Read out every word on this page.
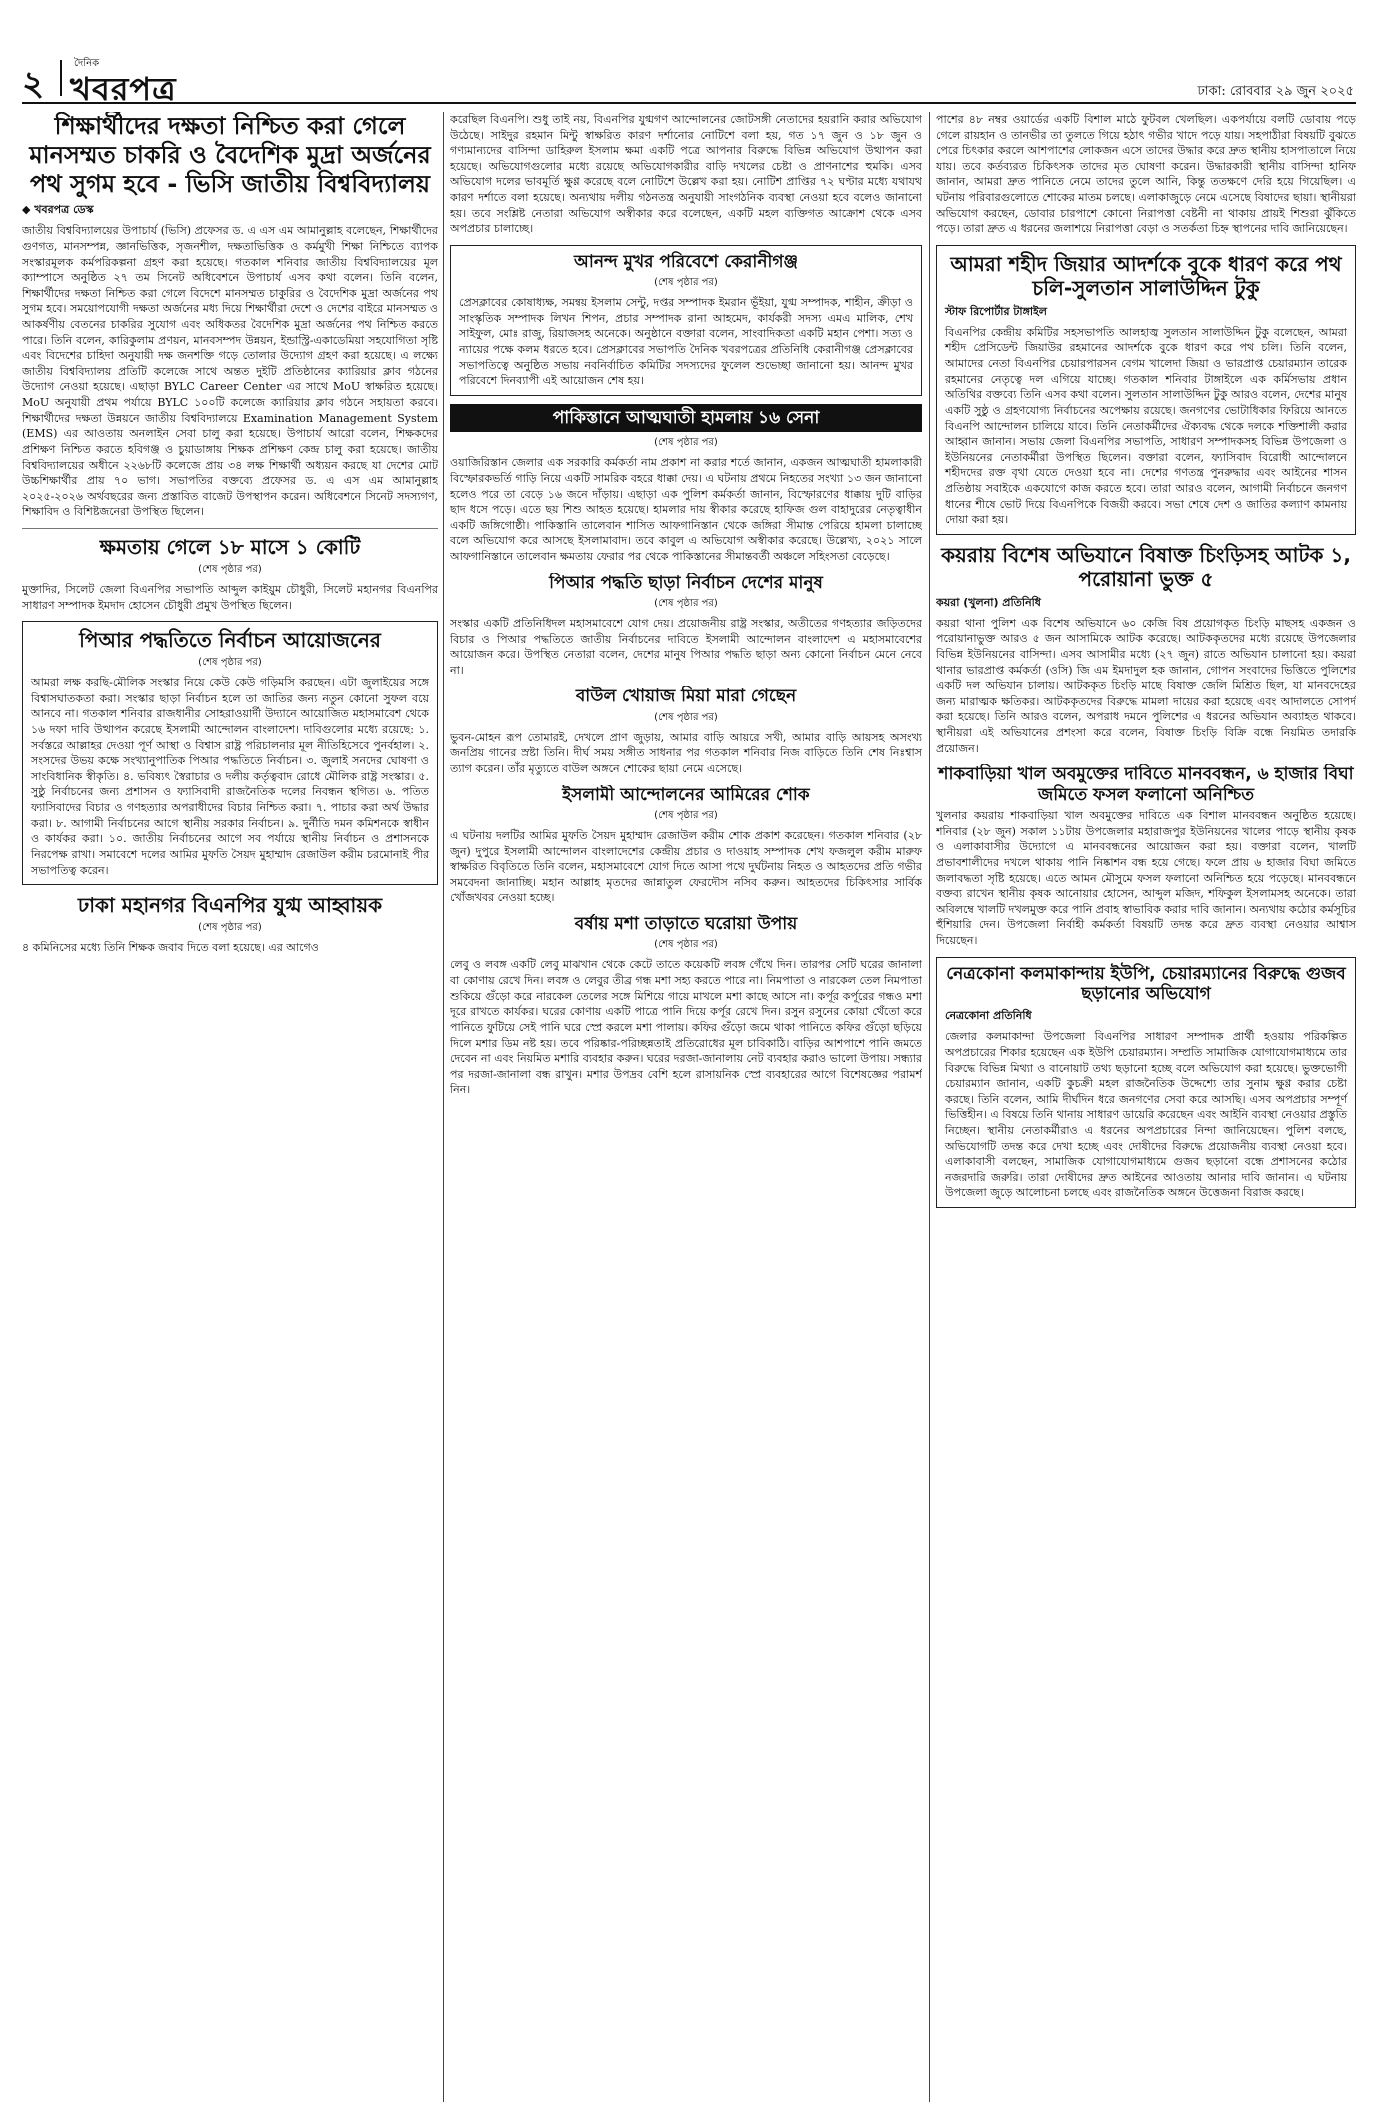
২
দৈনিক
খবরপত্র	ঢাকা: রোববার ২৯ জুন ২০২৫
শিক্ষার্থীদের দক্ষতা নিশ্চিত করা গেলে মানসম্মত চাকরি ও বৈদেশিক মুদ্রা অর্জনের পথ সুগম হবে - ভিসি জাতীয় বিশ্ববিদ্যালয়
◆ খবরপত্র ডেস্ক
জাতীয় বিশ্ববিদ্যালয়ের উপাচার্য (ভিসি) প্রফেসর ড. এ এস এম আমানুল্লাহ বলেছেন, শিক্ষার্থীদের গুণগত, মানসম্পন্ন, জ্ঞানভিত্তিক, সৃজনশীল, দক্ষতাভিত্তিক ও কর্মমুখী শিক্ষা নিশ্চিতে ব্যাপক সংস্কারমূলক কর্মপরিকল্পনা গ্রহণ করা হয়েছে। গতকাল শনিবার জাতীয় বিশ্ববিদ্যালয়ের মূল ক্যাম্পাসে অনুষ্ঠিত ২৭ তম সিনেট অধিবেশনে উপাচার্য এসব কথা বলেন। তিনি বলেন, শিক্ষার্থীদের দক্ষতা নিশ্চিত করা গেলে বিদেশে মানসম্মত চাকুরির ও বৈদেশিক মুদ্রা অর্জনের পথ সুগম হবে। সময়োপযোগী দক্ষতা অর্জনের মধ্য দিয়ে শিক্ষার্থীরা দেশে ও দেশের বাইরে মানসম্মত ও আকর্ষণীয় বেতনের চাকরির সুযোগ এবং অধিকতর বৈদেশিক মুদ্রা অর্জনের পথ নিশ্চিত করতে পারে। তিনি বলেন, কারিকুলাম প্রণয়ন, মানবসম্পদ উন্নয়ন, ইন্ডাস্ট্রি-একাডেমিয়া সহযোগিতা সৃষ্টি এবং বিদেশের চাহিদা অনুযায়ী দক্ষ জনশক্তি গড়ে তোলার উদ্যোগ গ্রহণ করা হয়েছে। এ লক্ষ্যে জাতীয় বিশ্ববিদ্যালয় প্রতিটি কলেজে সাথে অন্তত দুইটি প্রতিষ্ঠানের ক্যারিয়ার ক্লাব গঠনের উদ্যোগ নেওয়া হয়েছে। এছাড়া BYLC Career Center এর সাথে MoU স্বাক্ষরিত হয়েছে। MoU অনুযায়ী প্রথম পর্যায়ে BYLC ১০০টি কলেজে ক্যারিয়ার ক্লাব গঠনে সহায়তা করবে। শিক্ষার্থীদের দক্ষতা উন্নয়নে জাতীয় বিশ্ববিদ্যালয়ে Examination Management System (EMS) এর আওতায় অনলাইন সেবা চালু করা হয়েছে। উপাচার্য আরো বলেন, শিক্ষকদের প্রশিক্ষণ নিশ্চিত করতে হবিগঞ্জ ও চুয়াডাঙ্গায় শিক্ষক প্রশিক্ষণ কেন্দ্র চালু করা হয়েছে। জাতীয় বিশ্ববিদ্যালয়ের অধীনে ২২৬৮টি কলেজে প্রায় ৩৪ লক্ষ শিক্ষার্থী অধ্যয়ন করছে যা দেশের মোট উচ্চশিক্ষার্থীর প্রায় ৭০ ভাগ। সভাপতির বক্তব্যে প্রফেসর ড. এ এস এম আমানুল্লাহ ২০২৫-২০২৬ অর্থবছরের জন্য প্রস্তাবিত বাজেট উপস্থাপন করেন। অধিবেশনে সিনেট সদস্যগণ, শিক্ষাবিদ ও বিশিষ্টজনেরা উপস্থিত ছিলেন।
ক্ষমতায় গেলে ১৮ মাসে ১ কোটি
(শেষ পৃষ্ঠার পর)
মুক্তাদির, সিলেট জেলা বিএনপির সভাপতি আব্দুল কাইয়ুম চৌধুরী, সিলেট মহানগর বিএনপির সাধারণ সম্পাদক ইমদাদ হোসেন চৌধুরী প্রমুখ উপস্থিত ছিলেন।
পিআর পদ্ধতিতে নির্বাচন আয়োজনের
(শেষ পৃষ্ঠার পর)
আমরা লক্ষ করছি-মৌলিক সংস্কার নিয়ে কেউ কেউ গড়িমসি করছেন। এটা জুলাইয়ের সঙ্গে বিশ্বাসঘাতকতা করা। সংস্কার ছাড়া নির্বাচন হলে তা জাতির জন্য নতুন কোনো সুফল বয়ে আনবে না। গতকাল শনিবার রাজধানীর সোহরাওয়ার্দী উদ্যানে আয়োজিত মহাসমাবেশ থেকে ১৬ দফা দাবি উত্থাপন করেছে ইসলামী আন্দোলন বাংলাদেশ। দাবিগুলোর মধ্যে রয়েছে: ১. সর্বস্তরে আল্লাহর দেওয়া পূর্ণ আস্থা ও বিশ্বাস রাষ্ট্র পরিচালনার মূল নীতিহিসেবে পুনর্বহাল। ২. সংসদের উভয় কক্ষে সংখ্যানুপাতিক পিআর পদ্ধতিতে নির্বাচন। ৩. জুলাই সনদের ঘোষণা ও সাংবিধানিক স্বীকৃতি। ৪. ভবিষ্যৎ স্বৈরাচার ও দলীয় কর্তৃত্ববাদ রোধে মৌলিক রাষ্ট্র সংস্কার। ৫. সুষ্ঠু নির্বাচনের জন্য প্রশাসন ও ফ্যাসিবাদী রাজনৈতিক দলের নিবন্ধন স্থগিত। ৬. পতিত ফ্যাসিবাদের বিচার ও গণহত্যার অপরাধীদের বিচার নিশ্চিত করা। ৭. পাচার করা অর্থ উদ্ধার করা। ৮. আগামী নির্বাচনের আগে স্থানীয় সরকার নির্বাচন। ৯. দুর্নীতি দমন কমিশনকে স্বাধীন ও কার্যকর করা। ১০. জাতীয় নির্বাচনের আগে সব পর্যায়ে স্থানীয় নির্বাচন ও প্রশাসনকে নিরপেক্ষ রাখা। সমাবেশে দলের আমির মুফতি সৈয়দ মুহাম্মাদ রেজাউল করীম চরমোনাই পীর সভাপতিত্ব করেন।
ঢাকা মহানগর বিএনপির যুগ্ম আহ্বায়ক
(শেষ পৃষ্ঠার পর)
৪ কমিনিসের মধ্যে তিনি শিক্ষক জবাব দিতে বলা হয়েছে। এর আগেও
করেছিল বিএনপি। শুধু তাই নয়, বিএনপির যুগ্মগণ আন্দোলনের জোটসঙ্গী নেতাদের হয়রানি করার অভিযোগ উঠেছে। সাইদুর রহমান মিন্টু স্বাক্ষরিত কারণ দর্শানোর নোটিশে বলা হয়, গত ১৭ জুন ও ১৮ জুন ও গণ্যমান্যদের বাসিন্দা ডাহিরুল ইসলাম ক্ষমা একটি পত্রে আপনার বিরুদ্ধে বিভিন্ন অভিযোগ উত্থাপন করা হয়েছে। অভিযোগগুলোর মধ্যে রয়েছে অভিযোগকারীর বাড়ি দখলের চেষ্টা ও প্রাণনাশের হুমকি। এসব অভিযোগ দলের ভাবমূর্তি ক্ষুণ্ণ করেছে বলে নোটিশে উল্লেখ করা হয়। নোটিশ প্রাপ্তির ৭২ ঘণ্টার মধ্যে যথাযথ কারণ দর্শাতে বলা হয়েছে। অন্যথায় দলীয় গঠনতন্ত্র অনুযায়ী সাংগঠনিক ব্যবস্থা নেওয়া হবে বলেও জানানো হয়। তবে সংশ্লিষ্ট নেতারা অভিযোগ অস্বীকার করে বলেছেন, একটি মহল ব্যক্তিগত আক্রোশ থেকে এসব অপপ্রচার চালাচ্ছে।
আনন্দ মুখর পরিবেশে কেরানীগঞ্জ
(শেষ পৃষ্ঠার পর)
প্রেসক্লাবের কোষাধ্যক্ষ, সমন্বয় ইসলাম সেন্টু, দপ্তর সম্পাদক ইমরান ভূঁইয়া, যুগ্ম সম্পাদক, শাহীন, ক্রীড়া ও সাংস্কৃতিক সম্পাদক লিখন শিপন, প্রচার সম্পাদক রানা আহমেদ, কার্যকরী সদস্য এমএ মালিক, শেখ সাইফুল, মোঃ রাজু, রিয়াজসহ অনেকে। অনুষ্ঠানে বক্তারা বলেন, সাংবাদিকতা একটি মহান পেশা। সত্য ও ন্যায়ের পক্ষে কলম ধরতে হবে। প্রেসক্লাবের সভাপতি দৈনিক খবরপত্রের প্রতিনিধি কেরানীগঞ্জ প্রেসক্লাবের সভাপতিত্বে অনুষ্ঠিত সভায় নবনির্বাচিত কমিটির সদস্যদের ফুলেল শুভেচ্ছা জানানো হয়। আনন্দ মুখর পরিবেশে দিনব্যাপী এই আয়োজন শেষ হয়।
পাকিস্তানে আত্মঘাতী হামলায় ১৬ সেনা
(শেষ পৃষ্ঠার পর)
ওয়াজিরিস্তান জেলার এক সরকারি কর্মকর্তা নাম প্রকাশ না করার শর্তে জানান, একজন আত্মঘাতী হামলাকারী বিস্ফোরকভর্তি গাড়ি নিয়ে একটি সামরিক বহরে ধাক্কা দেয়। এ ঘটনায় প্রথমে নিহতের সংখ্যা ১৩ জন জানানো হলেও পরে তা বেড়ে ১৬ জনে দাঁড়ায়। এছাড়া এক পুলিশ কর্মকর্তা জানান, বিস্ফোরণের ধাক্কায় দুটি বাড়ির ছাদ ধসে পড়ে। এতে ছয় শিশু আহত হয়েছে। হামলার দায় স্বীকার করেছে হাফিজ গুল বাহাদুরের নেতৃত্বাধীন একটি জঙ্গিগোষ্ঠী। পাকিস্তানি তালেবান শাসিত আফগানিস্তান থেকে জঙ্গিরা সীমান্ত পেরিয়ে হামলা চালাচ্ছে বলে অভিযোগ করে আসছে ইসলামাবাদ। তবে কাবুল এ অভিযোগ অস্বীকার করেছে। উল্লেখ্য, ২০২১ সালে আফগানিস্তানে তালেবান ক্ষমতায় ফেরার পর থেকে পাকিস্তানের সীমান্তবর্তী অঞ্চলে সহিংসতা বেড়েছে।
পিআর পদ্ধতি ছাড়া নির্বাচন দেশের মানুষ
(শেষ পৃষ্ঠার পর)
সংস্কার একটি প্রতিনিধিদল মহাসমাবেশে যোগ দেয়। প্রয়োজনীয় রাষ্ট্র সংস্কার, অতীতের গণহত্যার জড়িতদের বিচার ও পিআর পদ্ধতিতে জাতীয় নির্বাচনের দাবিতে ইসলামী আন্দোলন বাংলাদেশ এ মহাসমাবেশের আয়োজন করে। উপস্থিত নেতারা বলেন, দেশের মানুষ পিআর পদ্ধতি ছাড়া অন্য কোনো নির্বাচন মেনে নেবে না।
বাউল খোয়াজ মিয়া মারা গেছেন
(শেষ পৃষ্ঠার পর)
ভুবন-মোহন রূপ তোমারই, দেখলে প্রাণ জুড়ায়, আমার বাড়ি আয়রে সখী, আমার বাড়ি আয়সহ অসংখ্য জনপ্রিয় গানের স্রষ্টা তিনি। দীর্ঘ সময় সঙ্গীত সাধনার পর গতকাল শনিবার নিজ বাড়িতে তিনি শেষ নিঃশ্বাস ত্যাগ করেন। তাঁর মৃত্যুতে বাউল অঙ্গনে শোকের ছায়া নেমে এসেছে।
ইসলামী আন্দোলনের আমিরের শোক
(শেষ পৃষ্ঠার পর)
এ ঘটনায় দলটির আমির মুফতি সৈয়দ মুহাম্মাদ রেজাউল করীম শোক প্রকাশ করেছেন। গতকাল শনিবার (২৮ জুন) দুপুরে ইসলামী আন্দোলন বাংলাদেশের কেন্দ্রীয় প্রচার ও দাওয়াহ সম্পাদক শেখ ফজলুল করীম মারুফ স্বাক্ষরিত বিবৃতিতে তিনি বলেন, মহাসমাবেশে যোগ দিতে আসা পথে দুর্ঘটনায় নিহত ও আহতদের প্রতি গভীর সমবেদনা জানাচ্ছি। মহান আল্লাহ মৃতদের জান্নাতুল ফেরদৌস নসিব করুন। আহতদের চিকিৎসার সার্বিক খোঁজখবর নেওয়া হচ্ছে।
বর্ষায় মশা তাড়াতে ঘরোয়া উপায়
(শেষ পৃষ্ঠার পর)
লেবু ও লবঙ্গ একটি লেবু মাঝখান থেকে কেটে তাতে কয়েকটি লবঙ্গ গেঁথে দিন। তারপর সেটি ঘরের জানালা বা কোণায় রেখে দিন। লবঙ্গ ও লেবুর তীব্র গন্ধ মশা সহ্য করতে পারে না। নিমপাতা ও নারকেল তেল নিমপাতা শুকিয়ে গুঁড়ো করে নারকেল তেলের সঙ্গে মিশিয়ে গায়ে মাখলে মশা কাছে আসে না। কর্পূর কর্পূরের গন্ধও মশা দূরে রাখতে কার্যকর। ঘরের কোণায় একটি পাত্রে পানি দিয়ে কর্পূর রেখে দিন। রসুন রসুনের কোয়া থেঁতো করে পানিতে ফুটিয়ে সেই পানি ঘরে স্প্রে করলে মশা পালায়। কফির গুঁড়ো জমে থাকা পানিতে কফির গুঁড়ো ছড়িয়ে দিলে মশার ডিম নষ্ট হয়। তবে পরিষ্কার-পরিচ্ছন্নতাই প্রতিরোধের মূল চাবিকাঠি। বাড়ির আশপাশে পানি জমতে দেবেন না এবং নিয়মিত মশারি ব্যবহার করুন। ঘরের দরজা-জানালায় নেট ব্যবহার করাও ভালো উপায়। সন্ধ্যার পর দরজা-জানালা বন্ধ রাখুন। মশার উপদ্রব বেশি হলে রাসায়নিক স্প্রে ব্যবহারের আগে বিশেষজ্ঞের পরামর্শ নিন।
পাশের ৪৮ নম্বর ওয়ার্ডের একটি বিশাল মাঠে ফুটবল খেলছিল। একপর্যায়ে বলটি ডোবায় পড়ে গেলে রায়হান ও তানভীর তা তুলতে গিয়ে হঠাৎ গভীর খাদে পড়ে যায়। সহপাঠীরা বিষয়টি বুঝতে পেরে চিৎকার করলে আশপাশের লোকজন এসে তাদের উদ্ধার করে দ্রুত স্থানীয় হাসপাতালে নিয়ে যায়। তবে কর্তব্যরত চিকিৎসক তাদের মৃত ঘোষণা করেন। উদ্ধারকারী স্থানীয় বাসিন্দা হানিফ জানান, আমরা দ্রুত পানিতে নেমে তাদের তুলে আনি, কিন্তু ততক্ষণে দেরি হয়ে গিয়েছিল। এ ঘটনায় পরিবারগুলোতে শোকের মাতম চলছে। এলাকাজুড়ে নেমে এসেছে বিষাদের ছায়া। স্থানীয়রা অভিযোগ করছেন, ডোবার চারপাশে কোনো নিরাপত্তা বেষ্টনী না থাকায় প্রায়ই শিশুরা ঝুঁকিতে পড়ে। তারা দ্রুত এ ধরনের জলাশয়ে নিরাপত্তা বেড়া ও সতর্কতা চিহ্ন স্থাপনের দাবি জানিয়েছেন।
আমরা শহীদ জিয়ার আদর্শকে বুকে ধারণ করে পথ চলি-সুলতান সালাউদ্দিন টুকু
স্টাফ রিপোর্টার টাঙ্গাইল
বিএনপির কেন্দ্রীয় কমিটির সহসভাপতি আলহাজ্ব সুলতান সালাউদ্দিন টুকু বলেছেন, আমরা শহীদ প্রেসিডেন্ট জিয়াউর রহমানের আদর্শকে বুকে ধারণ করে পথ চলি। তিনি বলেন, আমাদের নেতা বিএনপির চেয়ারপারসন বেগম খালেদা জিয়া ও ভারপ্রাপ্ত চেয়ারম্যান তারেক রহমানের নেতৃত্বে দল এগিয়ে যাচ্ছে। গতকাল শনিবার টাঙ্গাইলে এক কর্মিসভায় প্রধান অতিথির বক্তব্যে তিনি এসব কথা বলেন। সুলতান সালাউদ্দিন টুকু আরও বলেন, দেশের মানুষ একটি সুষ্ঠু ও গ্রহণযোগ্য নির্বাচনের অপেক্ষায় রয়েছে। জনগণের ভোটাধিকার ফিরিয়ে আনতে বিএনপি আন্দোলন চালিয়ে যাবে। তিনি নেতাকর্মীদের ঐক্যবদ্ধ থেকে দলকে শক্তিশালী করার আহ্বান জানান। সভায় জেলা বিএনপির সভাপতি, সাধারণ সম্পাদকসহ বিভিন্ন উপজেলা ও ইউনিয়নের নেতাকর্মীরা উপস্থিত ছিলেন। বক্তারা বলেন, ফ্যাসিবাদ বিরোধী আন্দোলনে শহীদদের রক্ত বৃথা যেতে দেওয়া হবে না। দেশের গণতন্ত্র পুনরুদ্ধার এবং আইনের শাসন প্রতিষ্ঠায় সবাইকে একযোগে কাজ করতে হবে। তারা আরও বলেন, আগামী নির্বাচনে জনগণ ধানের শীষে ভোট দিয়ে বিএনপিকে বিজয়ী করবে। সভা শেষে দেশ ও জাতির কল্যাণ কামনায় দোয়া করা হয়।
কয়রায় বিশেষ অভিযানে বিষাক্ত চিংড়িসহ আটক ১, পরোয়ানা ভুক্ত ৫
কয়রা (খুলনা) প্রতিনিধি
কয়রা থানা পুলিশ এক বিশেষ অভিযানে ৬০ কেজি বিষ প্রয়োগকৃত চিংড়ি মাছসহ একজন ও পরোয়ানাভুক্ত আরও ৫ জন আসামিকে আটক করেছে। আটককৃতদের মধ্যে রয়েছে উপজেলার বিভিন্ন ইউনিয়নের বাসিন্দা। এসব আসামীর মধ্যে (২৭ জুন) রাতে অভিযান চালানো হয়। কয়রা থানার ভারপ্রাপ্ত কর্মকর্তা (ওসি) জি এম ইমদাদুল হক জানান, গোপন সংবাদের ভিত্তিতে পুলিশের একটি দল অভিযান চালায়। আটককৃত চিংড়ি মাছে বিষাক্ত জেলি মিশ্রিত ছিল, যা মানবদেহের জন্য মারাত্মক ক্ষতিকর। আটককৃতদের বিরুদ্ধে মামলা দায়ের করা হয়েছে এবং আদালতে সোপর্দ করা হয়েছে। তিনি আরও বলেন, অপরাধ দমনে পুলিশের এ ধরনের অভিযান অব্যাহত থাকবে। স্থানীয়রা এই অভিযানের প্রশংসা করে বলেন, বিষাক্ত চিংড়ি বিক্রি বন্ধে নিয়মিত তদারকি প্রয়োজন।
শাকবাড়িয়া খাল অবমুক্তের দাবিতে মানববন্ধন, ৬ হাজার বিঘা জমিতে ফসল ফলানো অনিশ্চিত
খুলনার কয়রায় শাকবাড়িয়া খাল অবমুক্তের দাবিতে এক বিশাল মানববন্ধন অনুষ্ঠিত হয়েছে। শনিবার (২৮ জুন) সকাল ১১টায় উপজেলার মহারাজপুর ইউনিয়নের খালের পাড়ে স্থানীয় কৃষক ও এলাকাবাসীর উদ্যোগে এ মানববন্ধনের আয়োজন করা হয়। বক্তারা বলেন, খালটি প্রভাবশালীদের দখলে থাকায় পানি নিষ্কাশন বন্ধ হয়ে গেছে। ফলে প্রায় ৬ হাজার বিঘা জমিতে জলাবদ্ধতা সৃষ্টি হয়েছে। এতে আমন মৌসুমে ফসল ফলানো অনিশ্চিত হয়ে পড়েছে। মানববন্ধনে বক্তব্য রাখেন স্থানীয় কৃষক আনোয়ার হোসেন, আব্দুল মজিদ, শফিকুল ইসলামসহ অনেকে। তারা অবিলম্বে খালটি দখলমুক্ত করে পানি প্রবাহ স্বাভাবিক করার দাবি জানান। অন্যথায় কঠোর কর্মসূচির হুঁশিয়ারি দেন। উপজেলা নির্বাহী কর্মকর্তা বিষয়টি তদন্ত করে দ্রুত ব্যবস্থা নেওয়ার আশ্বাস দিয়েছেন।
নেত্রকোনা কলমাকান্দায় ইউপি, চেয়ারম্যানের বিরুদ্ধে গুজব ছড়ানোর অভিযোগ
নেত্রকোনা প্রতিনিধি
জেলার কলমাকান্দা উপজেলা বিএনপির সাধারণ সম্পাদক প্রার্থী হওয়ায় পরিকল্পিত অপপ্রচারের শিকার হয়েছেন এক ইউপি চেয়ারম্যান। সম্প্রতি সামাজিক যোগাযোগমাধ্যমে তার বিরুদ্ধে বিভিন্ন মিথ্যা ও বানোয়াট তথ্য ছড়ানো হচ্ছে বলে অভিযোগ করা হয়েছে। ভুক্তভোগী চেয়ারম্যান জানান, একটি কুচক্রী মহল রাজনৈতিক উদ্দেশ্যে তার সুনাম ক্ষুণ্ণ করার চেষ্টা করছে। তিনি বলেন, আমি দীর্ঘদিন ধরে জনগণের সেবা করে আসছি। এসব অপপ্রচার সম্পূর্ণ ভিত্তিহীন। এ বিষয়ে তিনি থানায় সাধারণ ডায়েরি করেছেন এবং আইনি ব্যবস্থা নেওয়ার প্রস্তুতি নিচ্ছেন। স্থানীয় নেতাকর্মীরাও এ ধরনের অপপ্রচারের নিন্দা জানিয়েছেন। পুলিশ বলছে, অভিযোগটি তদন্ত করে দেখা হচ্ছে এবং দোষীদের বিরুদ্ধে প্রয়োজনীয় ব্যবস্থা নেওয়া হবে। এলাকাবাসী বলছেন, সামাজিক যোগাযোগমাধ্যমে গুজব ছড়ানো বন্ধে প্রশাসনের কঠোর নজরদারি জরুরি। তারা দোষীদের দ্রুত আইনের আওতায় আনার দাবি জানান। এ ঘটনায় উপজেলা জুড়ে আলোচনা চলছে এবং রাজনৈতিক অঙ্গনে উত্তেজনা বিরাজ করছে।
